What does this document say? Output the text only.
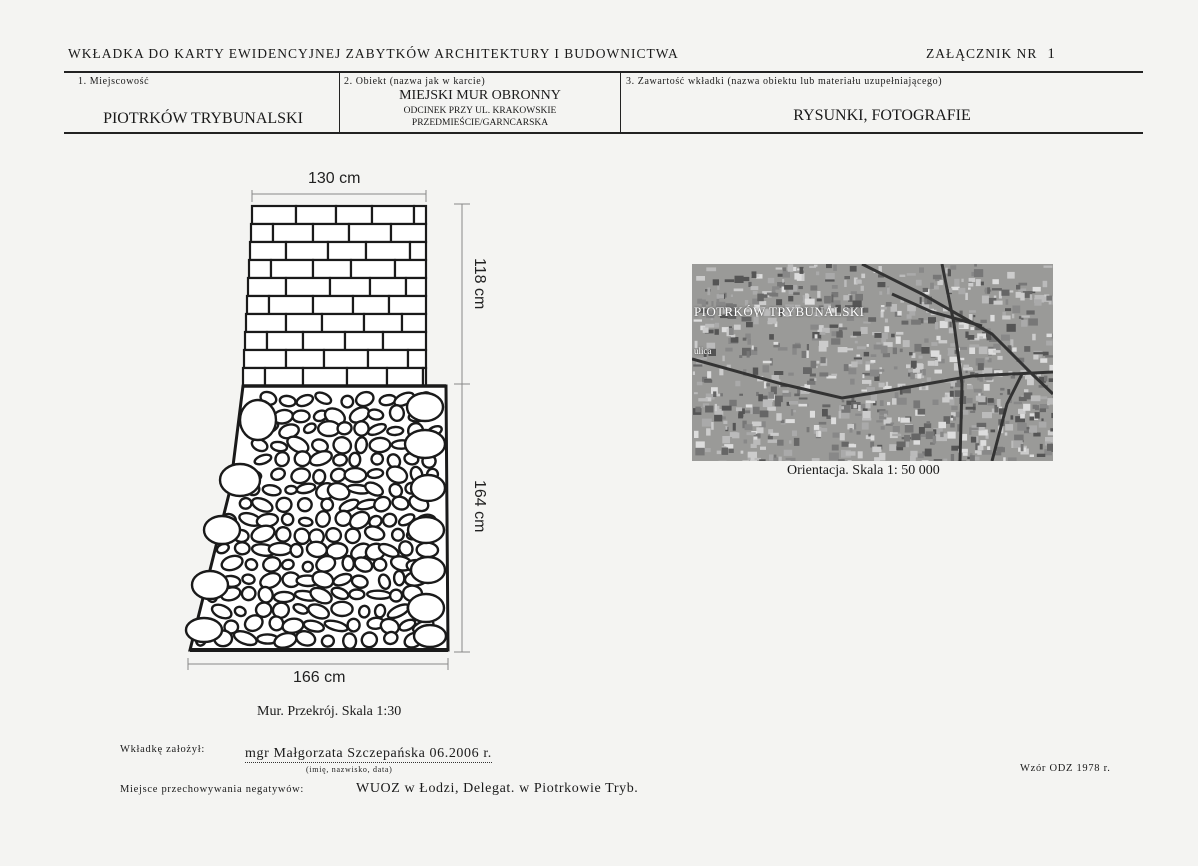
WKŁADKA DO KARTY EWIDENCYJNEJ ZABYTKÓW ARCHITEKTURY I BUDOWNICTWA	ZAŁĄCZNIK NR 1
1. Miejscowość
PIOTRKÓW TRYBUNALSKI
2. Obiekt (nazwa jak w karcie)
MIEJSKI MUR OBRONNY
ODCINEK PRZY UL. KRAKOWSKIE
PRZEDMIEŚCIE/GARNCARSKA
3. Zawartość wkładki (nazwa obiektu lub materiału uzupełniającego)
RYSUNKI, FOTOGRAFIE
130 cm
118 cm
164 cm
166 cm
Mur. Przekrój. Skala 1:30
PIOTRKÓW TRYBUNALSKI
ulica
Orientacja. Skala 1: 50 000
Wkładkę założył:	mgr Małgorzata Szczepańska 06.2006 r.
(imię, nazwisko, data)	Wzór ODZ 1978 r.
Miejsce przechowywania negatywów:	WUOZ w Łodzi, Delegat. w Piotrkowie Tryb.
